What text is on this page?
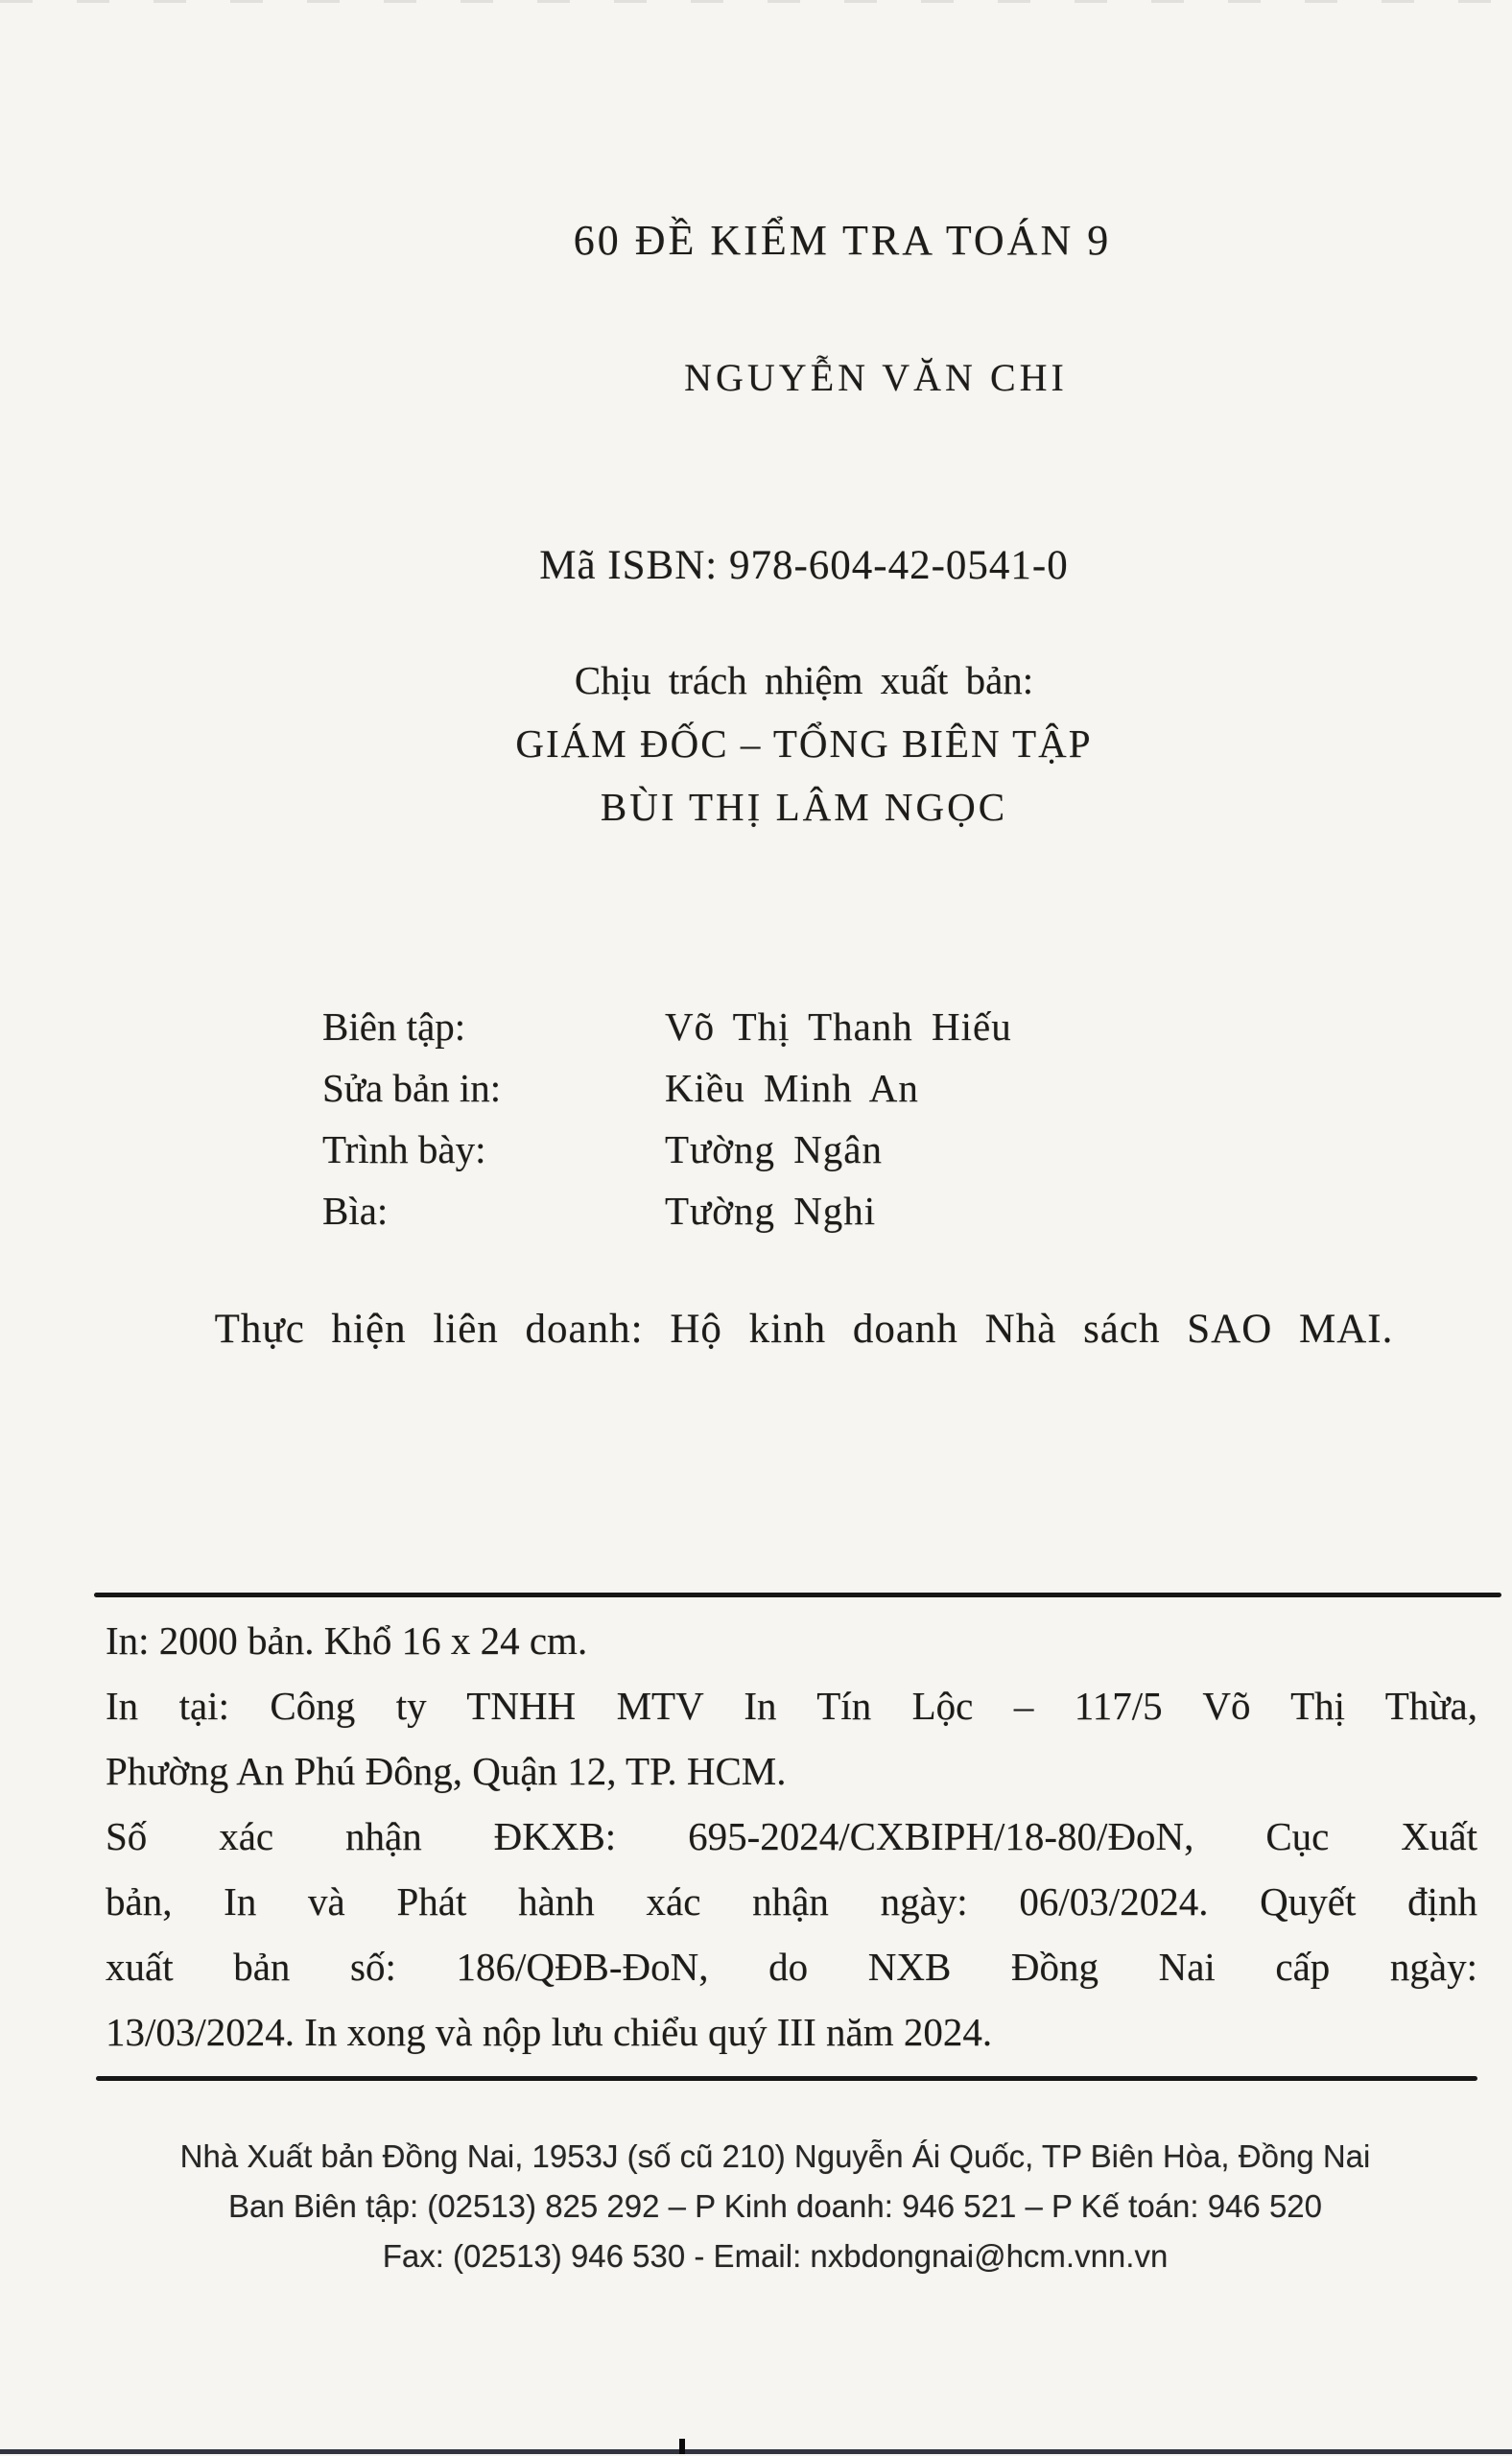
60 ĐỀ KIỂM TRA TOÁN 9
NGUYỄN VĂN CHI
Mã ISBN: 978-604-42-0541-0
Chịu trách nhiệm xuất bản:
GIÁM ĐỐC – TỔNG BIÊN TẬP
BÙI THỊ LÂM NGỌC
Biên tập:	Võ Thị Thanh Hiếu
Sửa bản in:	Kiều Minh An
Trình bày:	Tường Ngân
Bìa:	Tường Nghi
Thực hiện liên doanh: Hộ kinh doanh Nhà sách SAO MAI.
In: 2000 bản. Khổ 16 x 24 cm.
In tại: Công ty TNHH MTV In Tín Lộc – 117/5 Võ Thị Thừa,
Phường An Phú Đông, Quận 12, TP. HCM.
Số xác nhận ĐKXB: 695-2024/CXBIPH/18-80/ĐoN, Cục Xuất
bản, In và Phát hành xác nhận ngày: 06/03/2024. Quyết định
xuất bản số: 186/QĐB-ĐoN, do NXB Đồng Nai cấp ngày:
13/03/2024. In xong và nộp lưu chiểu quý III năm 2024.
Nhà Xuất bản Đồng Nai, 1953J (số cũ 210) Nguyễn Ái Quốc, TP Biên Hòa, Đồng Nai
Ban Biên tập: (02513) 825 292 – P Kinh doanh: 946 521 – P Kế toán: 946 520
Fax: (02513) 946 530 - Email: nxbdongnai@hcm.vnn.vn
